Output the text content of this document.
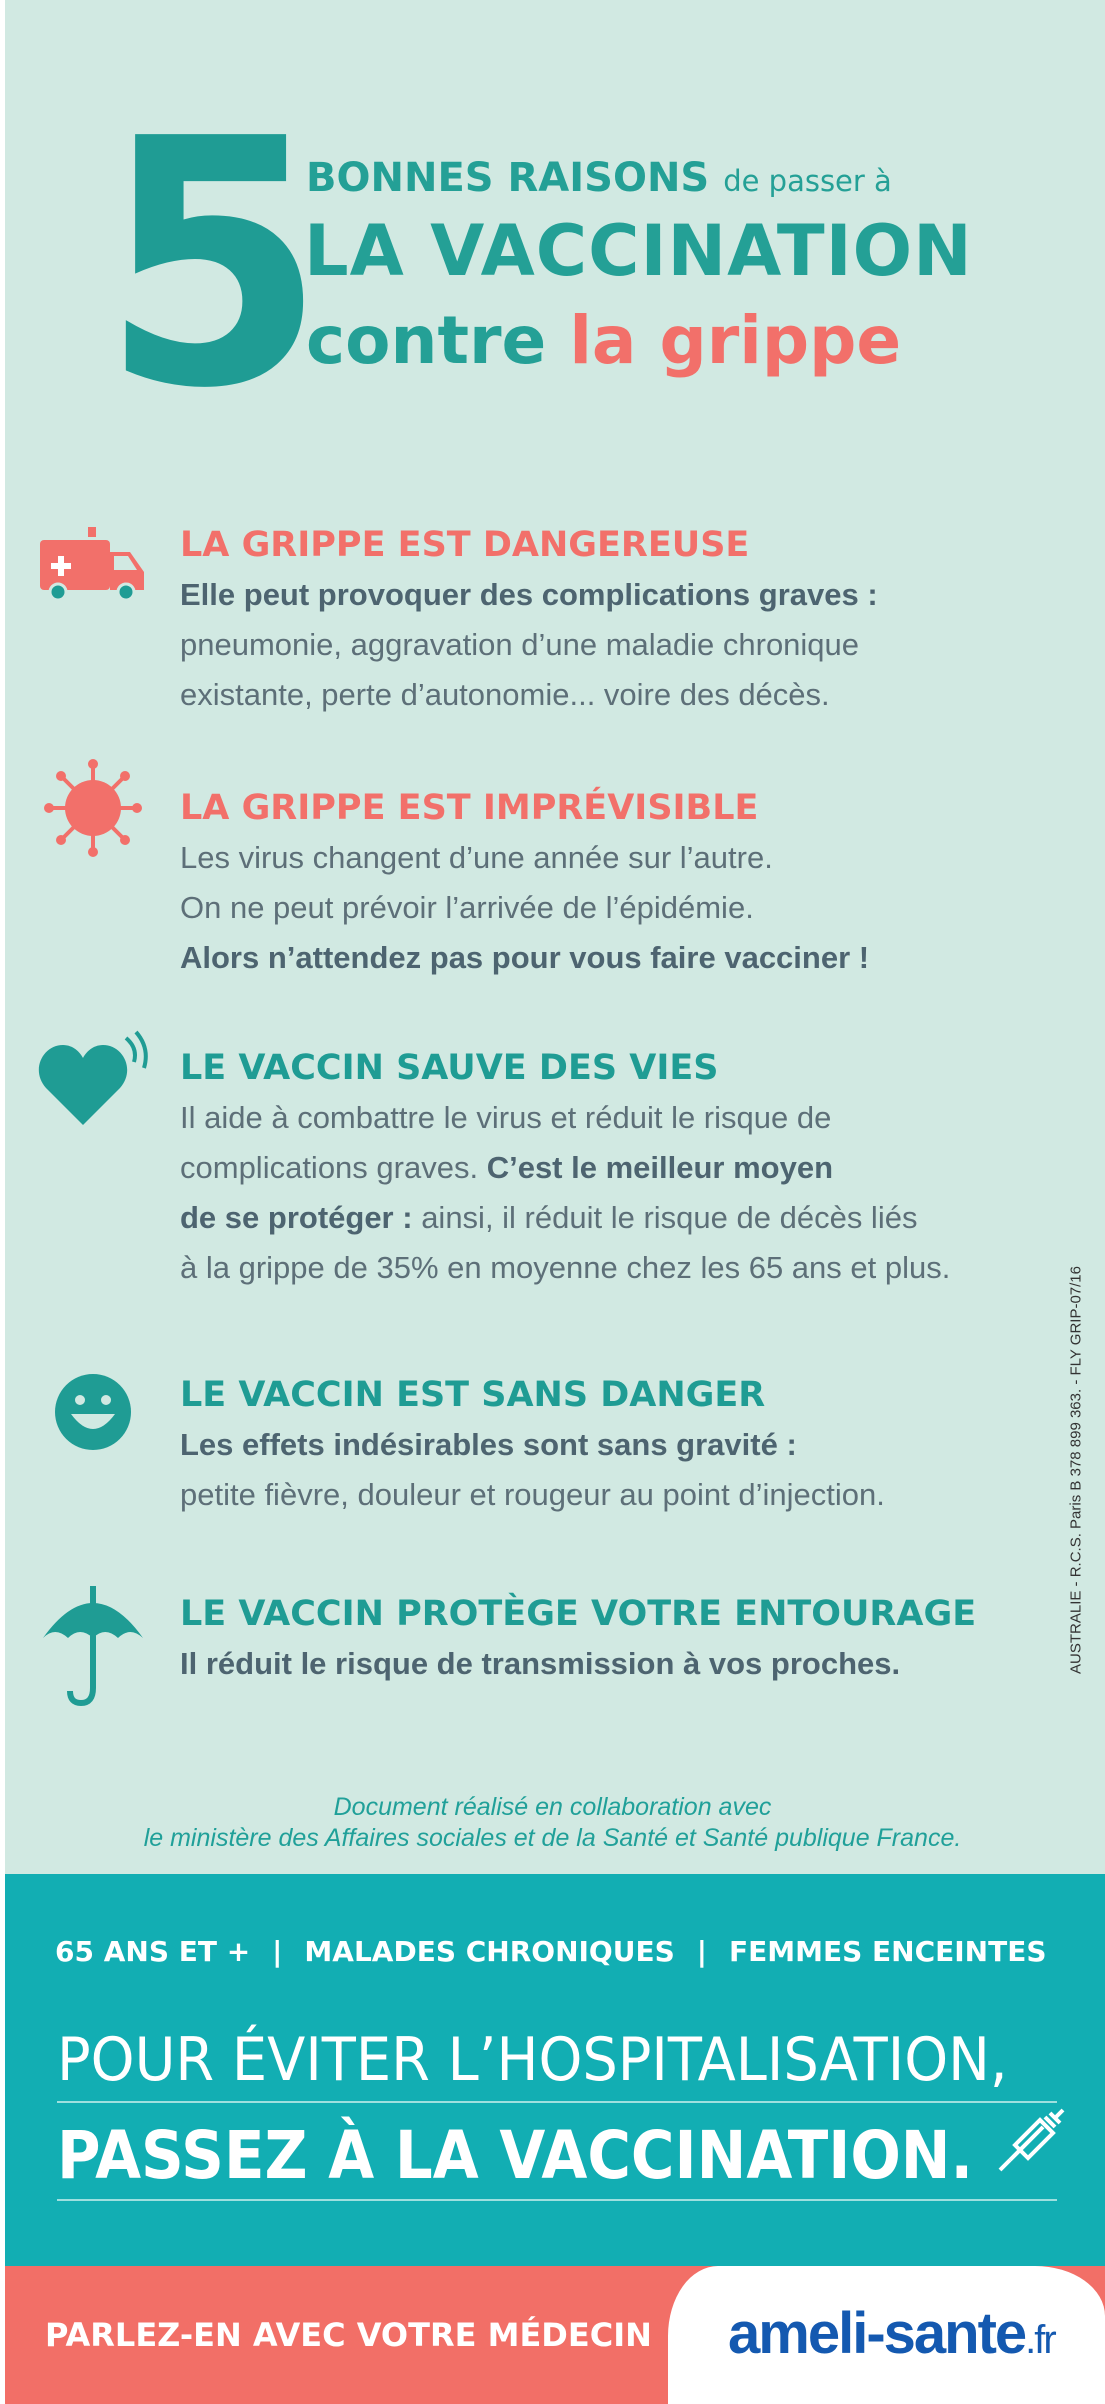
5
BONNES RAISONS de passer à
LA VACCINATION
contre la grippe
LA GRIPPE EST DANGEREUSE

Elle peut provoquer des complications graves :

pneumonie, aggravation d’une maladie chronique

existante, perte d’autonomie... voire des décès.

LA GRIPPE EST IMPRÉVISIBLE

Les virus changent d’une année sur l’autre.

On ne peut prévoir l’arrivée de l’épidémie.

Alors n’attendez pas pour vous faire vacciner !

LE VACCIN SAUVE DES VIES

Il aide à combattre le virus et réduit le risque de

complications graves. C’est le meilleur moyen

de se protéger : ainsi, il réduit le risque de décès liés

à la grippe de 35% en moyenne chez les 65 ans et plus.

LE VACCIN EST SANS DANGER

Les effets indésirables sont sans gravité :

petite fièvre, douleur et rougeur au point d’injection.

LE VACCIN PROTÈGE VOTRE ENTOURAGE

Il réduit le risque de transmission à vos proches.	AUSTRALIE - R.C.S. Paris B 378 899 363. - FLY GRIP-07/16
Document réalisé en collaboration avec
le ministère des Affaires sociales et de la Santé et Santé publique France.
65 ANS ET + | MALADES CHRONIQUES | FEMMES ENCEINTES
POUR ÉVITER L’HOSPITALISATION,
PASSEZ À LA VACCINATION.
PARLEZ-EN AVEC VOTRE MÉDECIN ameli-sante.fr
